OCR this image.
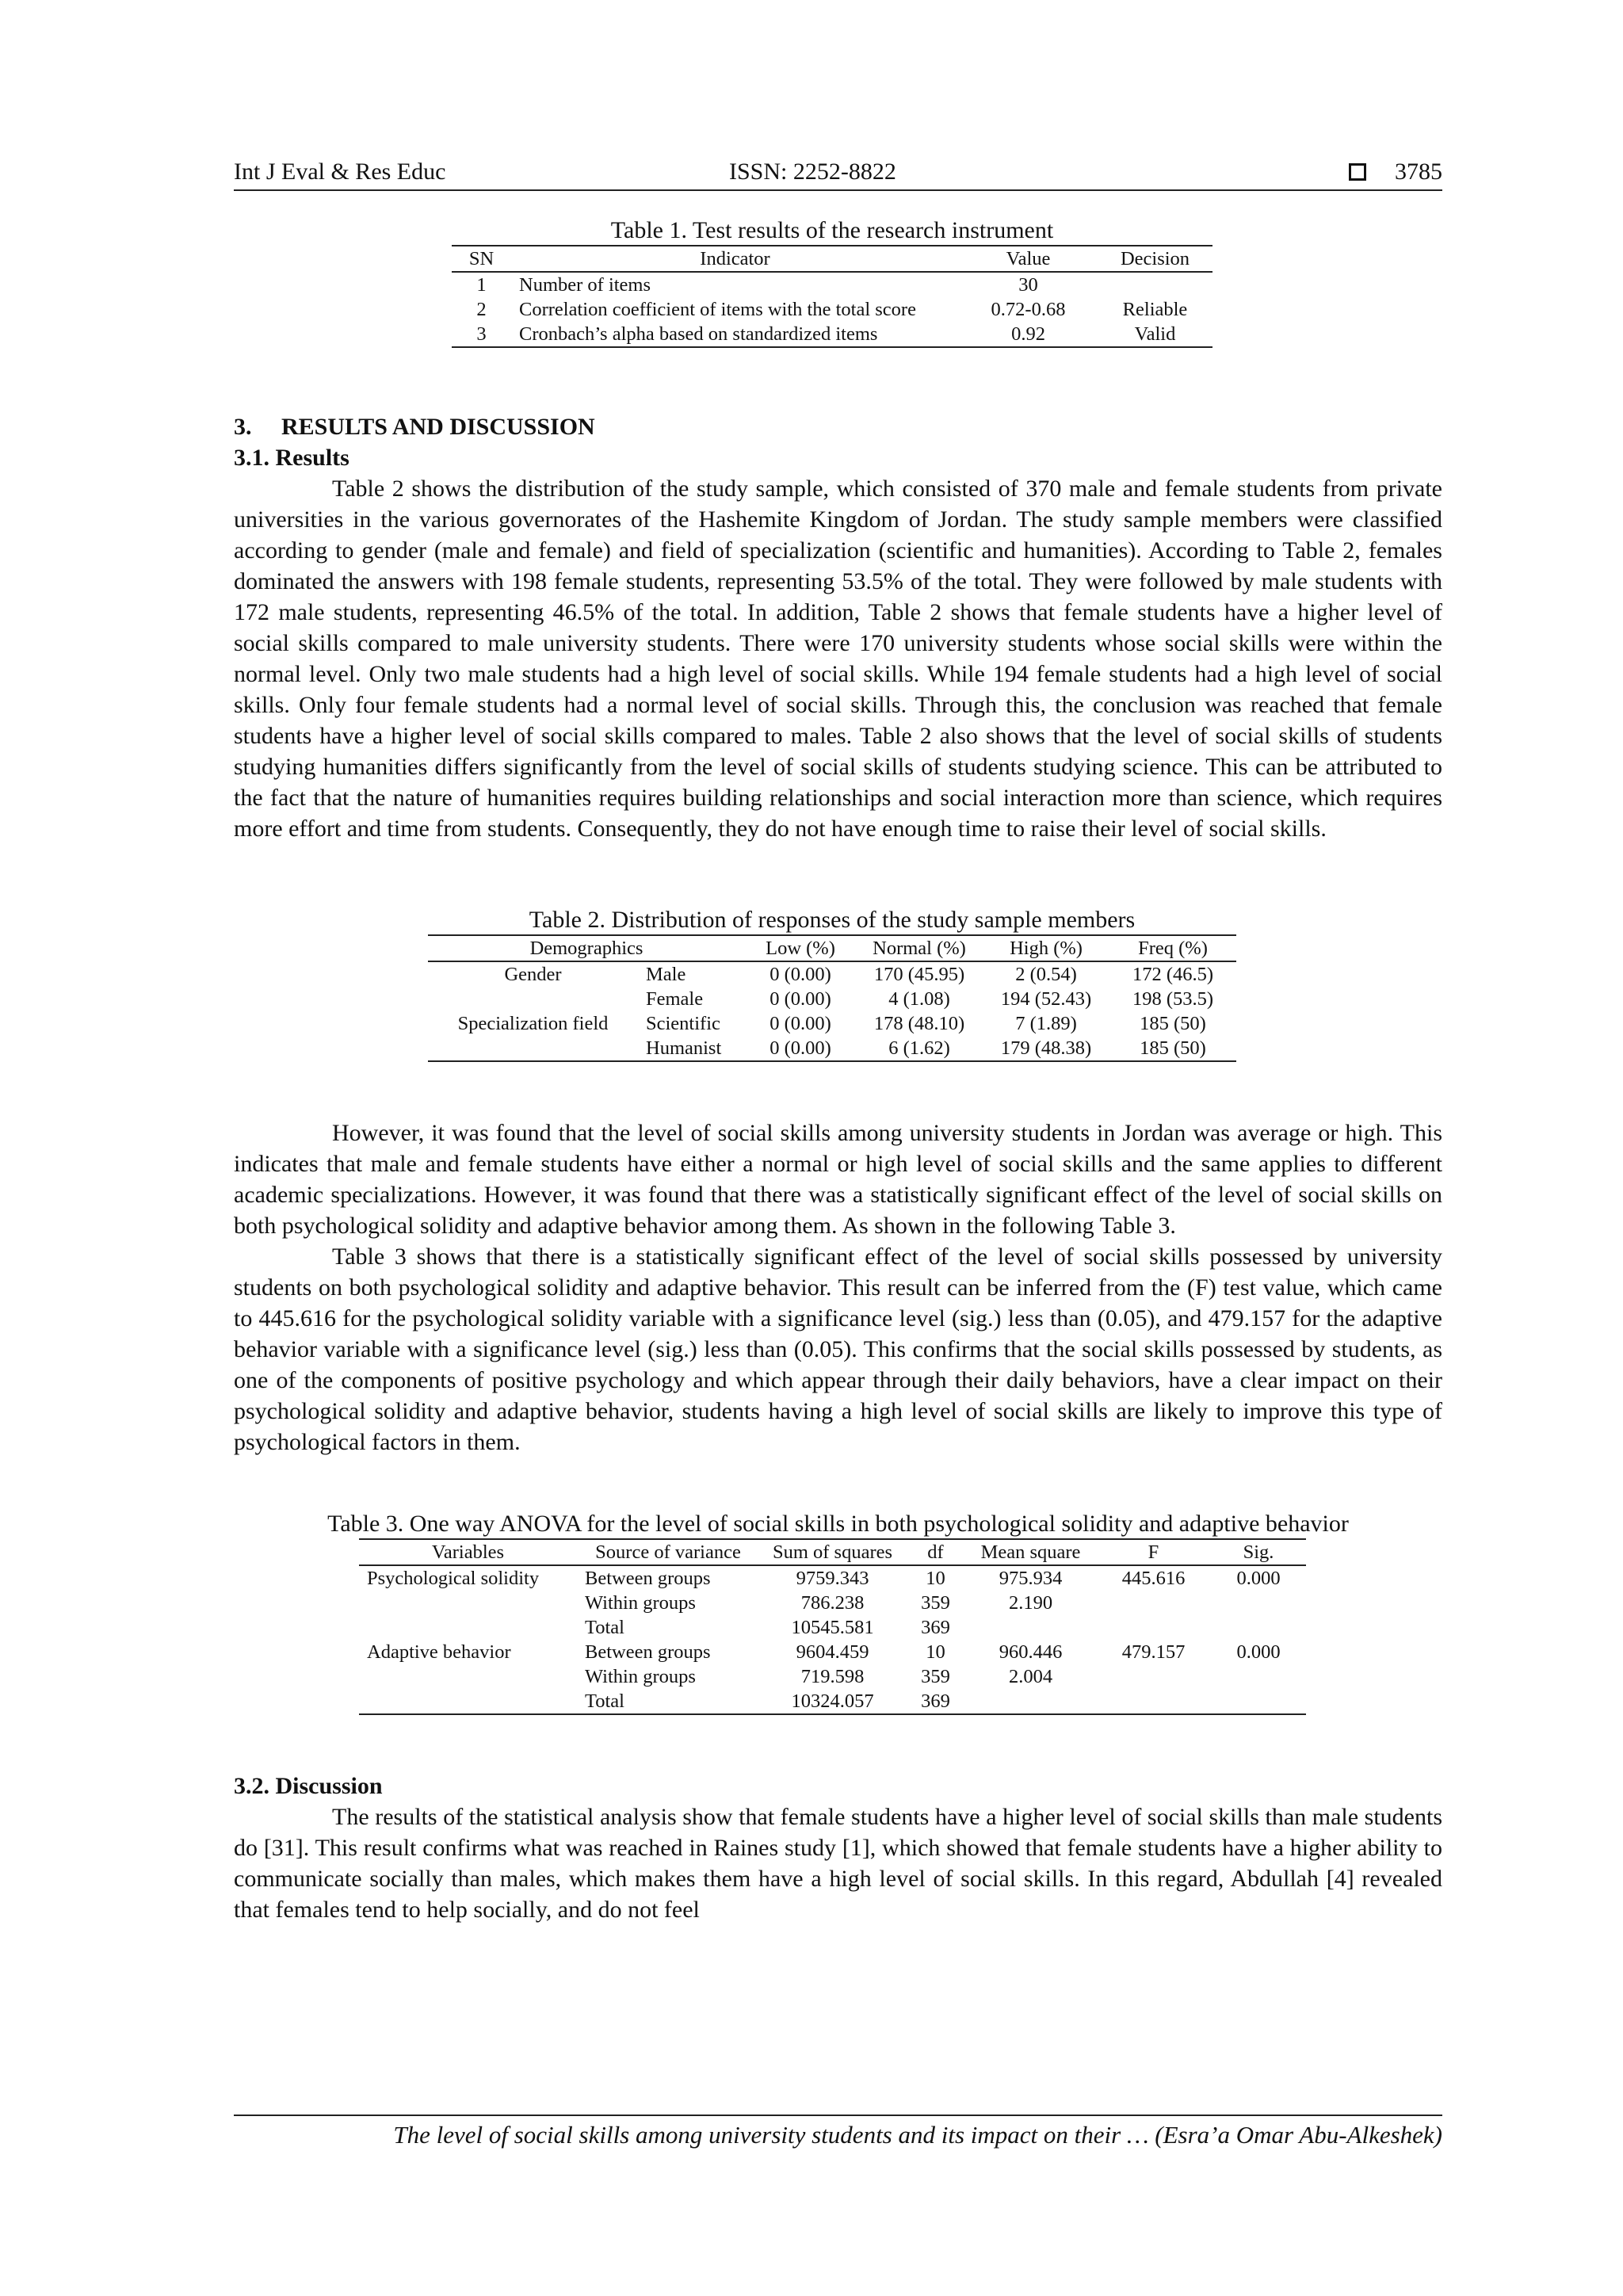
Int J Eval & Res Educ	ISSN: 2252-8822	3785

Table 1. Test results of the research instrument

SN	Indicator	Value	Decision
1	Number of items	30	
2	Correlation coefficient of items with the total score	0.72-0.68	Reliable
3	Cronbach’s alpha based on standardized items	0.92	Valid

3.  RESULTS AND DISCUSSION

3.1. Results

Table 2 shows the distribution of the study sample, which consisted of 370 male and female students from private universities in the various governorates of the Hashemite Kingdom of Jordan. The study sample members were classified according to gender (male and female) and field of specialization (scientific and humanities). According to Table 2, females dominated the answers with 198 female students, representing 53.5% of the total. They were followed by male students with 172 male students, representing 46.5% of the total. In addition, Table 2 shows that female students have a higher level of social skills compared to male university students. There were 170 university students whose social skills were within the normal level. Only two male students had a high level of social skills. While 194 female students had a high level of social skills. Only four female students had a normal level of social skills. Through this, the conclusion was reached that female students have a higher level of social skills compared to males. Table 2 also shows that the level of social skills of students studying humanities differs significantly from the level of social skills of students studying science. This can be attributed to the fact that the nature of humanities requires building relationships and social interaction more than science, which requires more effort and time from students. Consequently, they do not have enough time to raise their level of social skills.

Table 2. Distribution of responses of the study sample members

Demographics		Low (%)	Normal (%)	High (%)	Freq (%)
Gender	Male	0 (0.00)	170 (45.95)	2 (0.54)	172 (46.5)
	Female	0 (0.00)	4 (1.08)	194 (52.43)	198 (53.5)
Specialization field	Scientific	0 (0.00)	178 (48.10)	7 (1.89)	185 (50)
	Humanist	0 (0.00)	6 (1.62)	179 (48.38)	185 (50)

However, it was found that the level of social skills among university students in Jordan was average or high. This indicates that male and female students have either a normal or high level of social skills and the same applies to different academic specializations. However, it was found that there was a statistically significant effect of the level of social skills on both psychological solidity and adaptive behavior among them. As shown in the following Table 3.

Table 3 shows that there is a statistically significant effect of the level of social skills possessed by university students on both psychological solidity and adaptive behavior. This result can be inferred from the (F) test value, which came to 445.616 for the psychological solidity variable with a significance level (sig.) less than (0.05), and 479.157 for the adaptive behavior variable with a significance level (sig.) less than (0.05). This confirms that the social skills possessed by students, as one of the components of positive psychology and which appear through their daily behaviors, have a clear impact on their psychological solidity and adaptive behavior, students having a high level of social skills are likely to improve this type of psychological factors in them.

Table 3. One way ANOVA for the level of social skills in both psychological solidity and adaptive behavior

Variables	Source of variance	Sum of squares	df	Mean square	F	Sig.
Psychological solidity	Between groups	9759.343	10	975.934	445.616	0.000
	Within groups	786.238	359	2.190		
	Total	10545.581	369			
Adaptive behavior	Between groups	9604.459	10	960.446	479.157	0.000
	Within groups	719.598	359	2.004		
	Total	10324.057	369			

3.2. Discussion

The results of the statistical analysis show that female students have a higher level of social skills than male students do [31]. This result confirms what was reached in Raines study [1], which showed that female students have a higher ability to communicate socially than males, which makes them have a high level of social skills. In this regard, Abdullah [4] revealed that females tend to help socially, and do not feel

The level of social skills among university students and its impact on their … (Esra’a Omar Abu-Alkeshek)
